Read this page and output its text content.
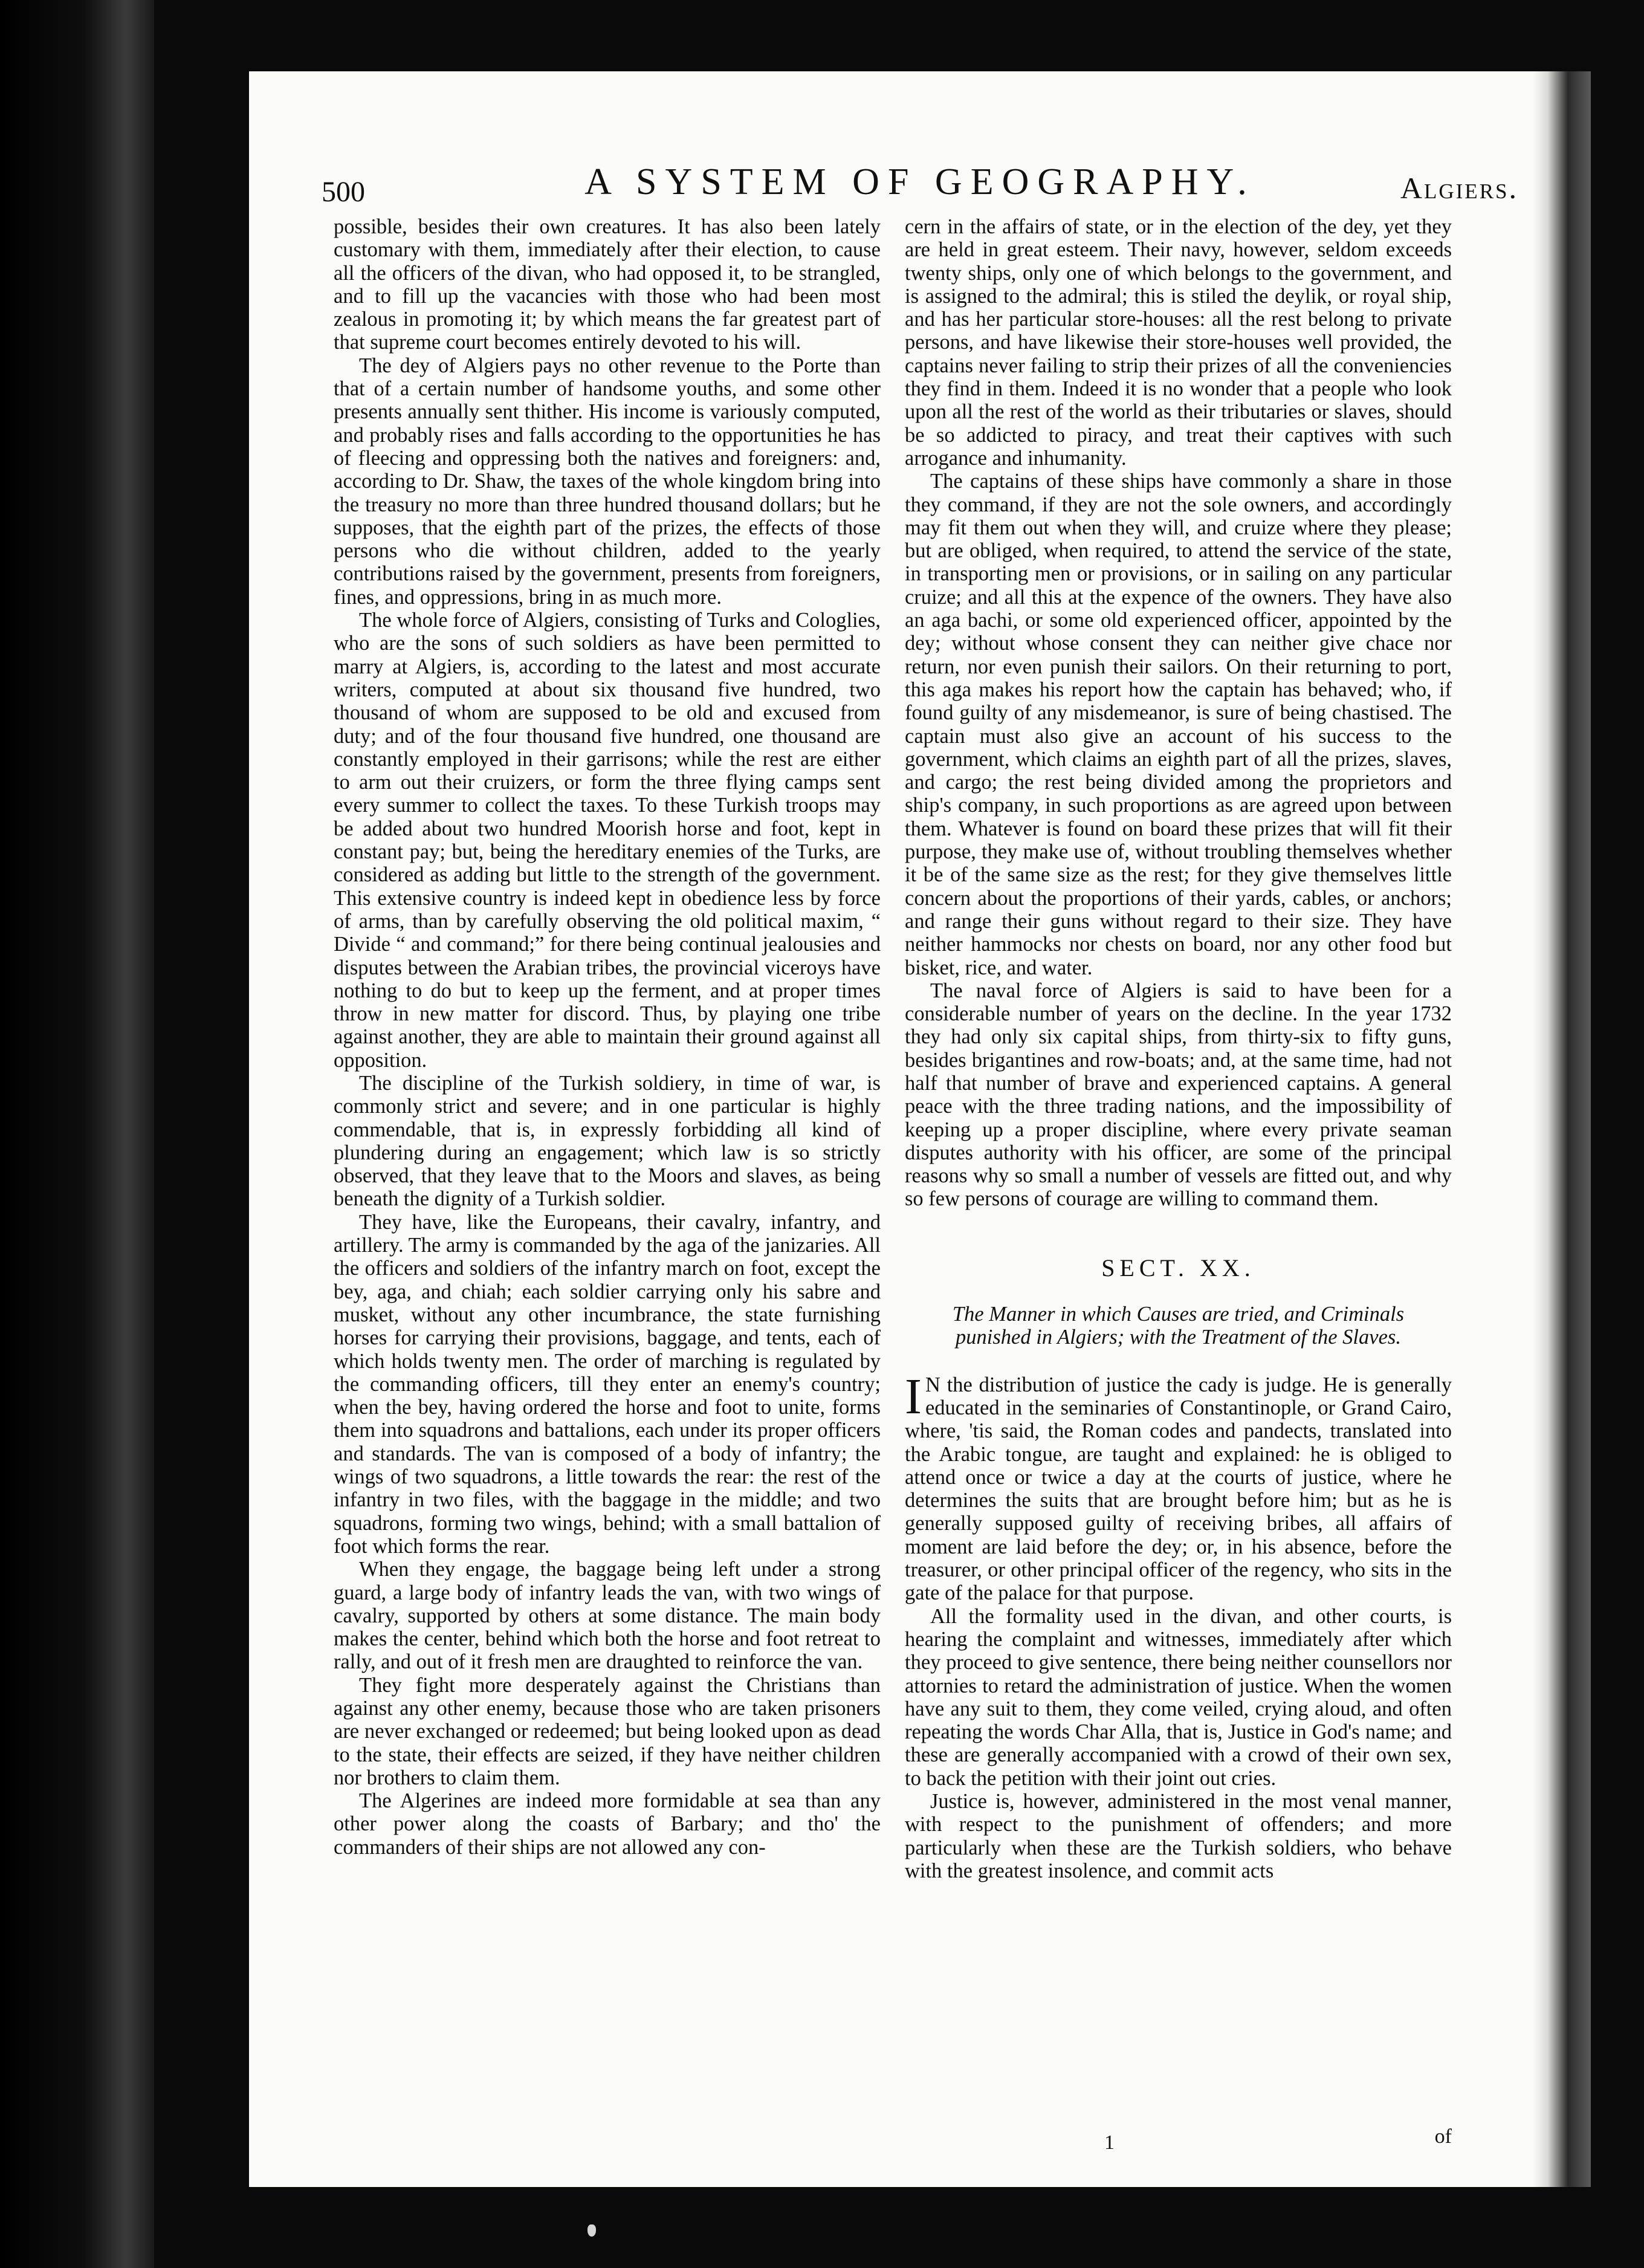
500	A SYSTEM OF GEOGRAPHY.	Algiers.

possible, besides their own creatures. It has also been lately customary with them, immediately after their election, to cause all the officers of the divan, who had opposed it, to be strangled, and to fill up the vacancies with those who had been most zealous in promoting it; by which means the far greatest part of that supreme court becomes entirely devoted to his will.

The dey of Algiers pays no other revenue to the Porte than that of a certain number of handsome youths, and some other presents annually sent thither. His income is variously computed, and probably rises and falls according to the opportunities he has of fleecing and oppressing both the natives and foreigners: and, according to Dr. Shaw, the taxes of the whole kingdom bring into the treasury no more than three hundred thousand dollars; but he supposes, that the eighth part of the prizes, the effects of those persons who die without children, added to the yearly contributions raised by the government, presents from foreigners, fines, and oppressions, bring in as much more.

The whole force of Algiers, consisting of Turks and Cologlies, who are the sons of such soldiers as have been permitted to marry at Algiers, is, according to the latest and most accurate writers, computed at about six thousand five hundred, two thousand of whom are supposed to be old and excused from duty; and of the four thousand five hundred, one thousand are constantly employed in their garrisons; while the rest are either to arm out their cruizers, or form the three flying camps sent every summer to collect the taxes. To these Turkish troops may be added about two hundred Moorish horse and foot, kept in constant pay; but, being the hereditary enemies of the Turks, are considered as adding but little to the strength of the government. This extensive country is indeed kept in obedience less by force of arms, than by carefully observing the old political maxim, “ Divide “ and command;” for there being continual jealousies and disputes between the Arabian tribes, the provincial viceroys have nothing to do but to keep up the ferment, and at proper times throw in new matter for discord. Thus, by playing one tribe against another, they are able to maintain their ground against all opposition.

The discipline of the Turkish soldiery, in time of war, is commonly strict and severe; and in one particular is highly commendable, that is, in expressly forbidding all kind of plundering during an engagement; which law is so strictly observed, that they leave that to the Moors and slaves, as being beneath the dignity of a Turkish soldier.

They have, like the Europeans, their cavalry, infantry, and artillery. The army is commanded by the aga of the janizaries. All the officers and soldiers of the infantry march on foot, except the bey, aga, and chiah; each soldier carrying only his sabre and musket, without any other incumbrance, the state furnishing horses for carrying their provisions, baggage, and tents, each of which holds twenty men. The order of marching is regulated by the commanding officers, till they enter an enemy's country; when the bey, having ordered the horse and foot to unite, forms them into squadrons and battalions, each under its proper officers and standards. The van is composed of a body of infantry; the wings of two squadrons, a little towards the rear: the rest of the infantry in two files, with the baggage in the middle; and two squadrons, forming two wings, behind; with a small battalion of foot which forms the rear.

When they engage, the baggage being left under a strong guard, a large body of infantry leads the van, with two wings of cavalry, supported by others at some distance. The main body makes the center, behind which both the horse and foot retreat to rally, and out of it fresh men are draughted to reinforce the van.

They fight more desperately against the Christians than against any other enemy, because those who are taken prisoners are never exchanged or redeemed; but being looked upon as dead to the state, their effects are seized, if they have neither children nor brothers to claim them.

The Algerines are indeed more formidable at sea than any other power along the coasts of Barbary; and tho' the commanders of their ships are not allowed any con-

cern in the affairs of state, or in the election of the dey, yet they are held in great esteem. Their navy, however, seldom exceeds twenty ships, only one of which belongs to the government, and is assigned to the admiral; this is stiled the deylik, or royal ship, and has her particular store-houses: all the rest belong to private persons, and have likewise their store-houses well provided, the captains never failing to strip their prizes of all the conveniencies they find in them. Indeed it is no wonder that a people who look upon all the rest of the world as their tributaries or slaves, should be so addicted to piracy, and treat their captives with such arrogance and inhumanity.

The captains of these ships have commonly a share in those they command, if they are not the sole owners, and accordingly may fit them out when they will, and cruize where they please; but are obliged, when required, to attend the service of the state, in transporting men or provisions, or in sailing on any particular cruize; and all this at the expence of the owners. They have also an aga bachi, or some old experienced officer, appointed by the dey; without whose consent they can neither give chace nor return, nor even punish their sailors. On their returning to port, this aga makes his report how the captain has behaved; who, if found guilty of any misdemeanor, is sure of being chastised. The captain must also give an account of his success to the government, which claims an eighth part of all the prizes, slaves, and cargo; the rest being divided among the proprietors and ship's company, in such proportions as are agreed upon between them. Whatever is found on board these prizes that will fit their purpose, they make use of, without troubling themselves whether it be of the same size as the rest; for they give themselves little concern about the proportions of their yards, cables, or anchors; and range their guns without regard to their size. They have neither hammocks nor chests on board, nor any other food but bisket, rice, and water.

The naval force of Algiers is said to have been for a considerable number of years on the decline. In the year 1732 they had only six capital ships, from thirty-six to fifty guns, besides brigantines and row-boats; and, at the same time, had not half that number of brave and experienced captains. A general peace with the three trading nations, and the impossibility of keeping up a proper discipline, where every private seaman disputes authority with his officer, are some of the principal reasons why so small a number of vessels are fitted out, and why so few persons of courage are willing to command them.

SECT. XX.
The Manner in which Causes are tried, and Criminals punished in Algiers; with the Treatment of the Slaves.

I N the distribution of justice the cady is judge. He is generally educated in the seminaries of Constantinople, or Grand Cairo, where, 'tis said, the Roman codes and pandects, translated into the Arabic tongue, are taught and explained: he is obliged to attend once or twice a day at the courts of justice, where he determines the suits that are brought before him; but as he is generally supposed guilty of receiving bribes, all affairs of moment are laid before the dey; or, in his absence, before the treasurer, or other principal officer of the regency, who sits in the gate of the palace for that purpose.

All the formality used in the divan, and other courts, is hearing the complaint and witnesses, immediately after which they proceed to give sentence, there being neither counsellors nor attornies to retard the administration of justice. When the women have any suit to them, they come veiled, crying aloud, and often repeating the words Char Alla, that is, Justice in God's name; and these are generally accompanied with a crowd of their own sex, to back the petition with their joint out cries.

Justice is, however, administered in the most venal manner, with respect to the punishment of offenders; and more particularly when these are the Turkish soldiers, who behave with the greatest insolence, and commit acts

1	of
